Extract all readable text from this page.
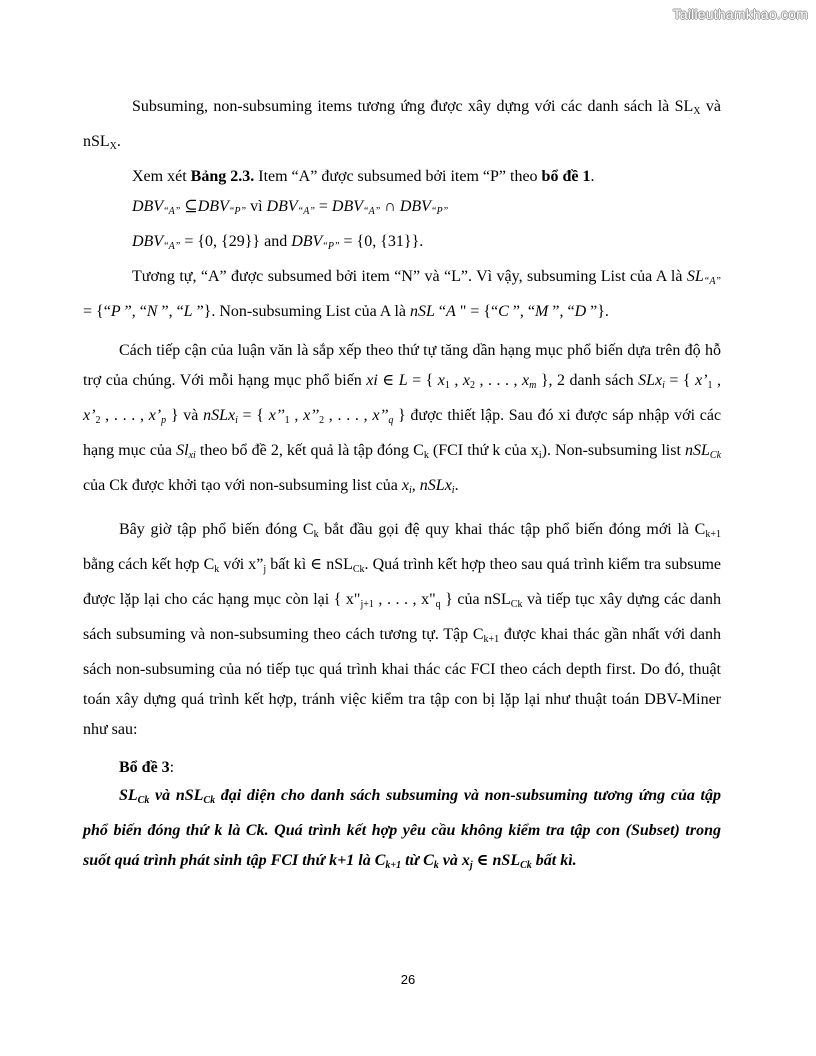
Tailieuthamkhao.com

Subsuming, non-subsuming items tương ứng được xây dựng với các danh sách là $SL_X$ và nSL$_X$.

Xem xét Bảng 2.3. Item “A” được subsumed bởi item “P” theo bổ đề 1.

DBV“A” ⊆DBV“P” vì DBV“A” = DBV“A” ∩ DBV“P”

DBV“A” = {0, {29}} and DBV“P” = {0, {31}}.

Tương tự, “A” được subsumed bởi item “N” và “L”. Vì vậy, subsuming List của A là SL“A” = {“P ”, “N ”, “L ”}. Non-subsuming List của A là nSL “A " = {“C ”, “M ”, “D ”}.

Cách tiếp cận của luận văn là sắp xếp theo thứ tự tăng dần hạng mục phổ biến dựa trên độ hỗ trợ của chúng. Với mỗi hạng mục phổ biến xi ∈ L = { $x_1$ , $x_2$ , . . . , xm }, 2 danh sách SLxi = { $x’_1$ , $x’_2$ , . . . , x’p } và nSLxi = { $x’’_1$ , $x’’_2$ , . . . , x’’q } được thiết lập. Sau đó xi được sáp nhập với các hạng mục của Slxi theo bổ đề 2, kết quả là tập đóng $C_k$ (FCI thứ k của $x_i$). Non-subsuming list nSLCk của Ck được khởi tạo với non-subsuming list của xi, nSLxi.

Bây giờ tập phổ biến đóng $C_k$ bắt đầu gọi đệ quy khai thác tập phổ biến đóng mới là $C_{k+1}$ bằng cách kết hợp $C_k$ với $x”_j$ bất kì ∈ nSL$_{Ck}$. Quá trình kết hợp theo sau quá trình kiểm tra subsume được lặp lại cho các hạng mục còn lại { $x"_{j+1}$ , . . . , $x"_q$ } của nSL$_{Ck}$ và tiếp tục xây dựng các danh sách subsuming và non-subsuming theo cách tương tự. Tập $C_{k+1}$ được khai thác gần nhất với danh sách non-subsuming của nó tiếp tục quá trình khai thác các FCI theo cách depth first. Do đó, thuật toán xây dựng quá trình kết hợp, tránh việc kiểm tra tập con bị lặp lại như thuật toán DBV-Miner như sau:

Bổ đề 3:

$SL_{Ck}$ và nSL$_{Ck}$ đại diện cho danh sách subsuming và non-subsuming tương ứng của tập phổ biến đóng thứ k là Ck. Quá trình kết hợp yêu cầu không kiểm tra tập con (Subset) trong suốt quá trình phát sinh tập FCI thứ k+1 là $C_{k+1}$ từ $C_k$ và $x_j$ ∈ nSL$_{Ck}$ bất kì.

26
